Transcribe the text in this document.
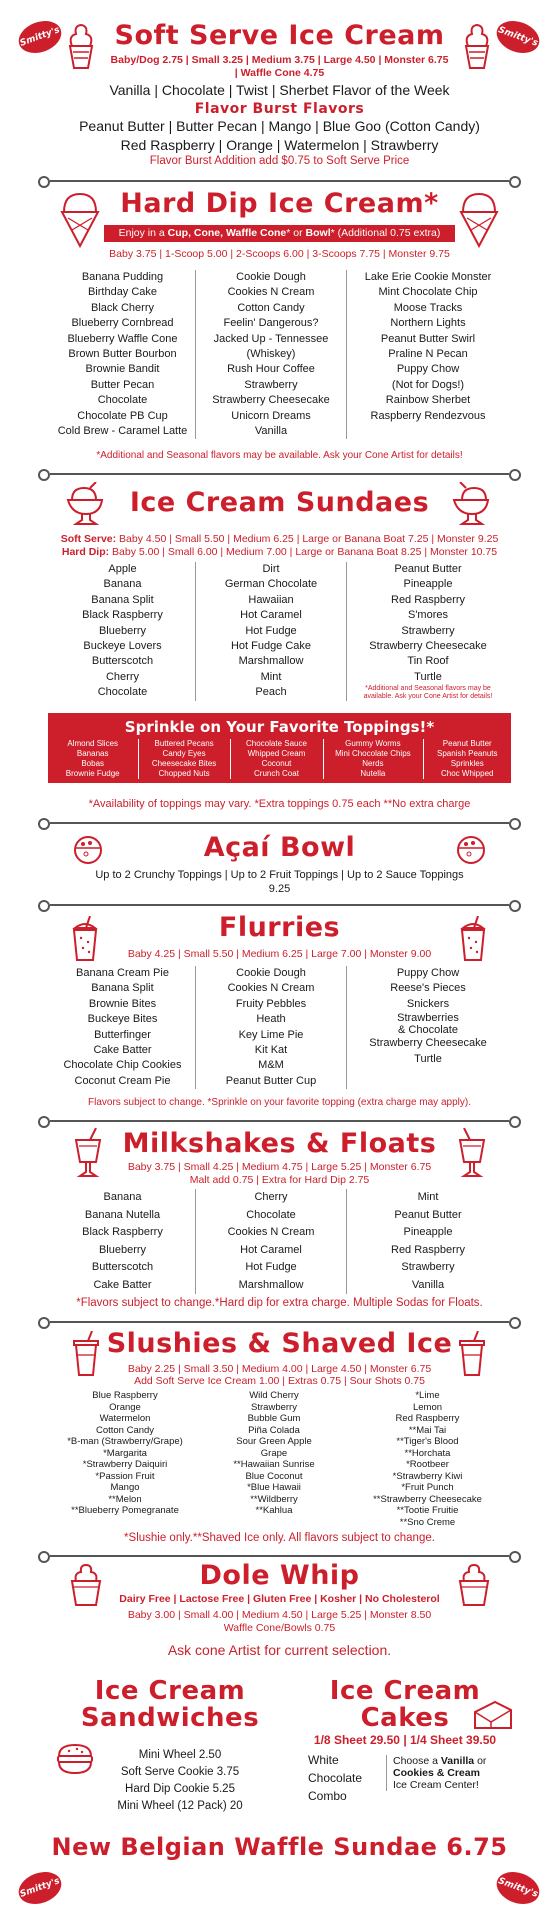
Smitty's	Smitty's
Soft Serve Ice Cream
Baby/Dog 2.75 | Small 3.25 | Medium 3.75 | Large 4.50 | Monster 6.75
| Waffle Cone 4.75
Vanilla | Chocolate | Twist | Sherbet Flavor of the Week
Flavor Burst Flavors
Peanut Butter | Butter Pecan | Mango | Blue Goo (Cotton Candy)
Red Raspberry | Orange | Watermelon | Strawberry
Flavor Burst Addition add $0.75 to Soft Serve Price
Hard Dip Ice Cream*
Enjoy in a Cup, Cone, Waffle Cone* or Bowl* (Additional 0.75 extra)
Baby 3.75 | 1-Scoop 5.00 | 2-Scoops 6.00 | 3-Scoops 7.75 | Monster 9.75
Banana Pudding
Birthday Cake
Black Cherry
Blueberry Cornbread
Blueberry Waffle Cone
Brown Butter Bourbon
Brownie Bandit
Butter Pecan
Chocolate
Chocolate PB Cup
Cold Brew - Caramel Latte
Cookie Dough
Cookies N Cream
Cotton Candy
Feelin' Dangerous?
Jacked Up - Tennessee
(Whiskey)
Rush Hour Coffee
Strawberry
Strawberry Cheesecake
Unicorn Dreams
Vanilla
Lake Erie Cookie Monster
Mint Chocolate Chip
Moose Tracks
Northern Lights
Peanut Butter Swirl
Praline N Pecan
Puppy Chow
(Not for Dogs!)
Rainbow Sherbet
Raspberry Rendezvous
*Additional and Seasonal flavors may be available. Ask your Cone Artist for details!
Ice Cream Sundaes
Soft Serve: Baby 4.50 | Small 5.50 | Medium 6.25 | Large or Banana Boat 7.25 | Monster 9.25
Hard Dip: Baby 5.00 | Small 6.00 | Medium 7.00 | Large or Banana Boat 8.25 | Monster 10.75
Apple
Banana
Banana Split
Black Raspberry
Blueberry
Buckeye Lovers
Butterscotch
Cherry
Chocolate
Dirt
German Chocolate
Hawaiian
Hot Caramel
Hot Fudge
Hot Fudge Cake
Marshmallow
Mint
Peach
Peanut Butter
Pineapple
Red Raspberry
S'mores
Strawberry
Strawberry Cheesecake
Tin Roof
Turtle
*Additional and Seasonal flavors may be available. Ask your Cone Artist for details!
Sprinkle on Your Favorite Toppings!*
Almond Slices
Bananas
Bobas
Brownie Fudge
Buttered Pecans
Candy Eyes
Cheesecake Bites
Chopped Nuts
Chocolate Sauce
Whipped Cream
Coconut
Crunch Coat
Gummy Worms
Mini Chocolate Chips
Nerds
Nutella
Peanut Butter
Spanish Peanuts
Sprinkles
Choc Whipped
*Availability of toppings may vary. *Extra toppings 0.75 each **No extra charge
Açaí Bowl
Up to 2 Crunchy Toppings | Up to 2 Fruit Toppings | Up to 2 Sauce Toppings
9.25
Flurries
Baby 4.25 | Small 5.50 | Medium 6.25 | Large 7.00 | Monster 9.00
Banana Cream Pie
Banana Split
Brownie Bites
Buckeye Bites
Butterfinger
Cake Batter
Chocolate Chip Cookies
Coconut Cream Pie
Cookie Dough
Cookies N Cream
Fruity Pebbles
Heath
Key Lime Pie
Kit Kat
M&M
Peanut Butter Cup
Puppy Chow
Reese's Pieces
Snickers
Strawberries
& Chocolate
Strawberry Cheesecake
Turtle
Flavors subject to change. *Sprinkle on your favorite topping (extra charge may apply).
Milkshakes & Floats
Baby 3.75 | Small 4.25 | Medium 4.75 | Large 5.25 | Monster 6.75
Malt add 0.75 | Extra for Hard Dip 2.75
Banana
Banana Nutella
Black Raspberry
Blueberry
Butterscotch
Cake Batter
Cherry
Chocolate
Cookies N Cream
Hot Caramel
Hot Fudge
Marshmallow
Mint
Peanut Butter
Pineapple
Red Raspberry
Strawberry
Vanilla
*Flavors subject to change.*Hard dip for extra charge. Multiple Sodas for Floats.
Slushies & Shaved Ice
Baby 2.25 | Small 3.50 | Medium 4.00 | Large 4.50 | Monster 6.75
Add Soft Serve Ice Cream 1.00 | Extras 0.75 | Sour Shots 0.75
Blue Raspberry
Orange
Watermelon
Cotton Candy
*B-man (Strawberry/Grape)
*Margarita
*Strawberry Daiquiri
*Passion Fruit
Mango
**Melon
**Blueberry Pomegranate
Wild Cherry
Strawberry
Bubble Gum
Piña Colada
Sour Green Apple
Grape
**Hawaiian Sunrise
Blue Coconut
*Blue Hawaii
**Wildberry
**Kahlua
*Lime
Lemon
Red Raspberry
**Mai Tai
**Tiger's Blood
**Horchata
*Rootbeer
*Strawberry Kiwi
*Fruit Punch
**Strawberry Cheesecake
**Tootie Fruitie
**Sno Creme
*Slushie only.**Shaved Ice only. All flavors subject to change.
Dole Whip
Dairy Free | Lactose Free | Gluten Free | Kosher | No Cholesterol
Baby 3.00 | Small 4.00 | Medium 4.50 | Large 5.25 | Monster 8.50
Waffle Cone/Bowls 0.75
Ask cone Artist for current selection.
Ice Cream
Sandwiches
Mini Wheel 2.50
Soft Serve Cookie 3.75
Hard Dip Cookie 5.25
Mini Wheel (12 Pack) 20
Ice Cream
Cakes
1/8 Sheet 29.50 | 1/4 Sheet 39.50
White
Chocolate
Combo
Choose a Vanilla or
Cookies & Cream
Ice Cream Center!
New Belgian Waffle Sundae 6.75
Smitty's	Smitty's
